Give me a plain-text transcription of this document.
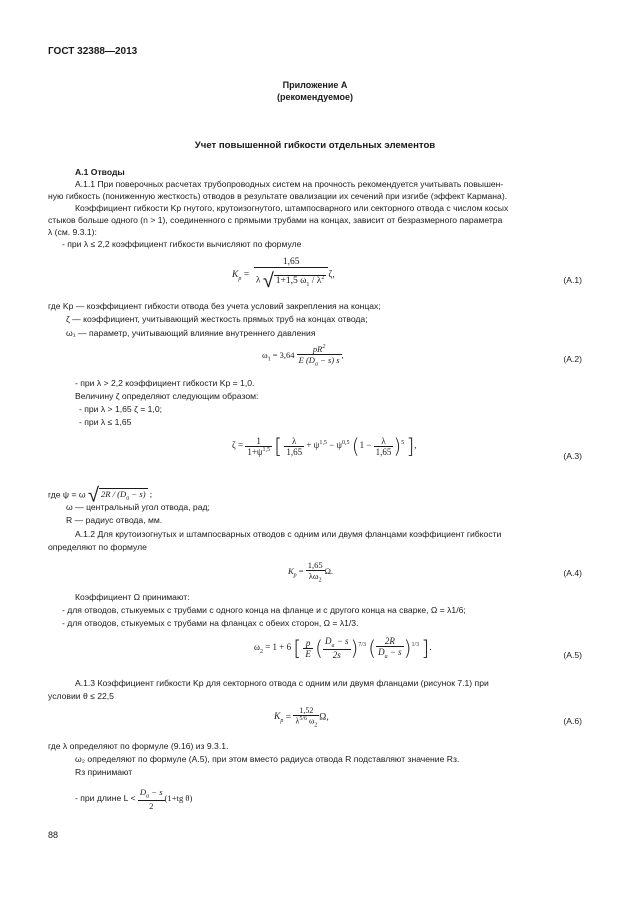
ГОСТ 32388—2013
Приложение А
(рекомендуемое)
Учет повышенной гибкости отдельных элементов
А.1 Отводы
А.1.1 При поверочных расчетах трубопроводных систем на прочность рекомендуется учитывать повышен-
ную гибкость (пониженную жесткость) отводов в результате овализации их сечений при изгибе (эффект Кармана).
Коэффициент гибкости Kp гнутого, крутоизогнутого, штампосварного или секторного отвода с числом косых
стыков больше одного (n > 1), соединенного с прямыми трубами на концах, зависит от безразмерного параметра
λ (см. 9.3.1):
- при λ ≤ 2,2 коэффициент гибкости вычисляют по формуле
$K_p = \frac{1,65}{\lambda √ 1+1,5 \omega_1 / \lambda^2} \zeta$,	(А.1)
где Kp — коэффициент гибкости отвода без учета условий закрепления на концах;
ζ — коэффициент, учитывающий жесткость прямых труб на концах отвода;
ω₁ — параметр, учитывающий влияние внутреннего давления
$\omega_1 = 3,64 \frac{pR^2}{E (D_a - s) s}$ ,	(А.2)
- при λ > 2,2 коэффициент гибкости Kp = 1,0.
Величину ζ определяют следующим образом:
- при λ > 1,65 ζ = 1,0;
- при λ ≤ 1,65
$\zeta = \frac{1}{1+\psi^{1,5}}$ [ $\frac{\lambda}{1,65} + \psi^{1,5} - \psi^{0,5}$ $(1 - \frac{\lambda}{1,65} )^5$ ],
(А.3)
где ψ = ω √ $2R / (D_a - s)$ ;
ω — центральный угол отвода, рад;
R — радиус отвода, мм.
А.1.2 Для крутоизогнутых и штампосварных отводов с одним или двумя фланцами коэффициент гибкости
определяют по формуле
$K_p = \frac{1,65}{\lambda\omega_2} \Omega$.	(А.4)
Коэффициент Ω принимают:
- для отводов, стыкуемых с трубами с одного конца на фланце и с другого конца на сварке, Ω = λ1/6;
- для отводов, стыкуемых с трубами на фланцах с обеих сторон, Ω = λ1/3.
$\omega_2 = 1 + 6$ [ $\frac{p}{E}$ ( $\frac{D_a - s}{2s} )^{7/3}$ ( $\frac{2R}{D_a - s} )^{1/3}$ ].
(А.5)
А.1.3 Коэффициент гибкости Kp для секторного отвода с одним или двумя фланцами (рисунок 7.1) при
условии θ ≤ 22,5
$K_p = \frac{1,52}{\lambda^{5/6} \omega_2} \Omega$,	(А.6)
где λ определяют по формуле (9.16) из 9.3.1.
ω₂ определяют по формуле (А.5), при этом вместо радиуса отвода R подставляют значение Rз.
Rз принимают
- при длине $L < \frac{D_a - s}{2} (1+tg$ θ)
88
